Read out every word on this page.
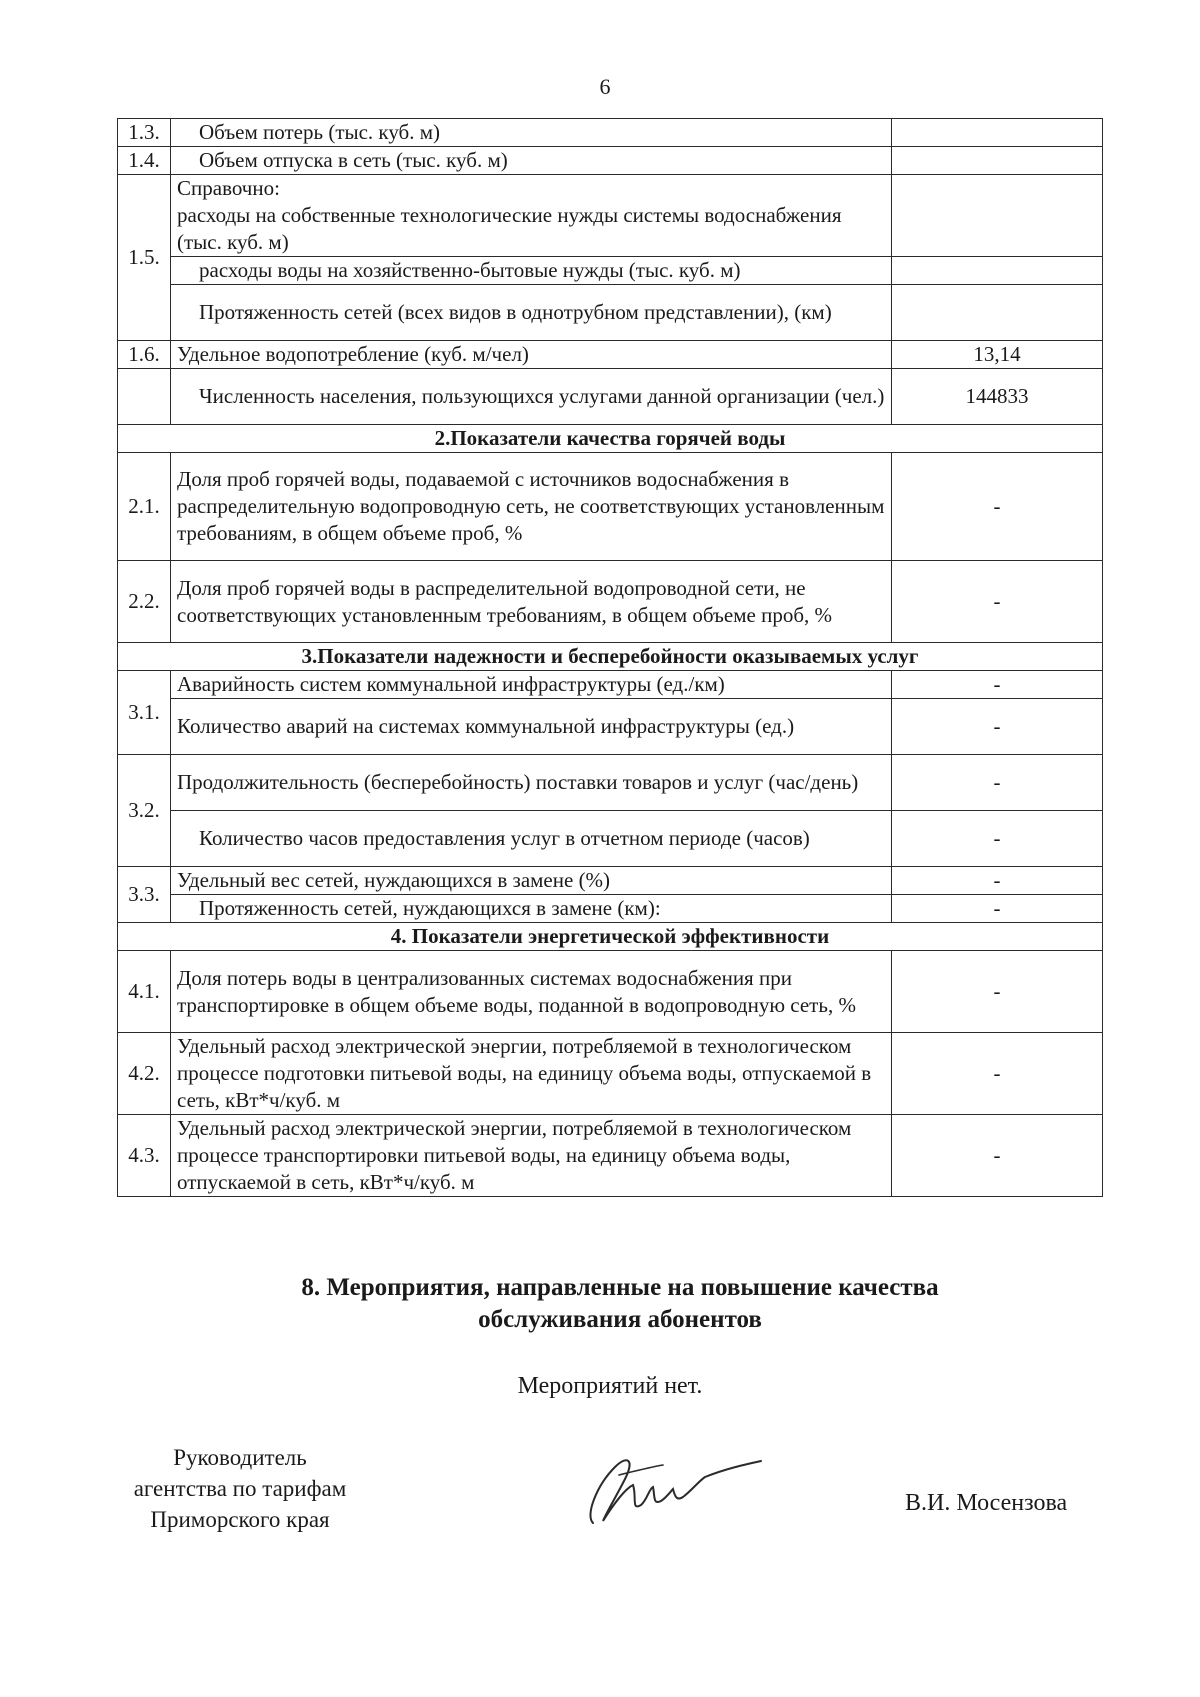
6
1.3.	Объем потерь (тыс. куб. м)	
1.4.	Объем отпуска в сеть (тыс. куб. м)	
1.5.	Справочно:
расходы на собственные технологические нужды системы водоснабжения (тыс. куб. м)	

	расходы воды на хозяйственно-бытовые нужды (тыс. куб. м)	
	Протяженность сетей (всех видов в однотрубном представлении), (км)	
1.6.	Удельное водопотребление (куб. м/чел)	13,14
	Численность населения, пользующихся услугами данной организации (чел.)	144833
2.Показатели качества горячей воды		
2.1.	Доля проб горячей воды, подаваемой с источников водоснабжения в распределительную водопроводную сеть, не соответствующих установленным требованиям, в общем объеме проб, %	-
2.2.	Доля проб горячей воды в распределительной водопроводной сети, не соответствующих установленным требованиям, в общем объеме проб, %	-
3.Показатели надежности и бесперебойности оказываемых услуг		
3.1.	Аварийность систем коммунальной инфраструктуры (ед./км)	-
	Количество аварий на системах коммунальной инфраструктуры (ед.)	-
3.2.	Продолжительность (бесперебойность) поставки товаров и услуг (час/день)	-
	Количество часов предоставления услуг в отчетном периоде (часов)	-
3.3.	Удельный вес сетей, нуждающихся в замене (%)	-
	Протяженность сетей, нуждающихся в замене (км):	-
4. Показатели энергетической эффективности		
4.1.	Доля потерь воды в централизованных системах водоснабжения при транспортировке в общем объеме воды, поданной в водопроводную сеть, %	-
4.2.	Удельный расход электрической энергии, потребляемой в технологическом процессе подготовки питьевой воды, на единицу объема воды, отпускаемой в сеть, кВт*ч/куб. м	-
4.3.	Удельный расход электрической энергии, потребляемой в технологическом процессе транспортировки питьевой воды, на единицу объема воды, отпускаемой в сеть, кВт*ч/куб. м	-
8. Мероприятия, направленные на повышение качества
обслуживания абонентов
Мероприятий нет.
Руководитель
агентства по тарифам
Приморского края
В.И. Мосензова
